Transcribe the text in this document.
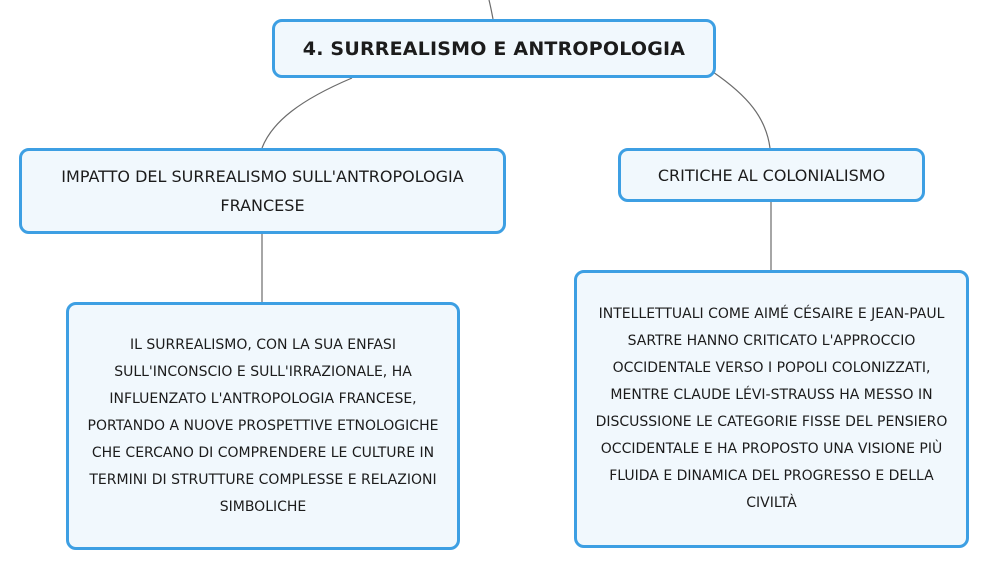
4. SURREALISMO E ANTROPOLOGIA
IMPATTO DEL SURREALISMO SULL'ANTROPOLOGIA FRANCESE
CRITICHE AL COLONIALISMO
IL SURREALISMO, CON LA SUA ENFASI SULL'INCONSCIO E SULL'IRRAZIONALE, HA INFLUENZATO L'ANTROPOLOGIA FRANCESE, PORTANDO A NUOVE PROSPETTIVE ETNOLOGICHE CHE CERCANO DI COMPRENDERE LE CULTURE IN TERMINI DI STRUTTURE COMPLESSE E RELAZIONI SIMBOLICHE
INTELLETTUALI COME AIMÉ CÉSAIRE E JEAN-PAUL SARTRE HANNO CRITICATO L'APPROCCIO OCCIDENTALE VERSO I POPOLI COLONIZZATI, MENTRE CLAUDE LÉVI-STRAUSS HA MESSO IN DISCUSSIONE LE CATEGORIE FISSE DEL PENSIERO OCCIDENTALE E HA PROPOSTO UNA VISIONE PIÙ FLUIDA E DINAMICA DEL PROGRESSO E DELLA CIVILTÀ
